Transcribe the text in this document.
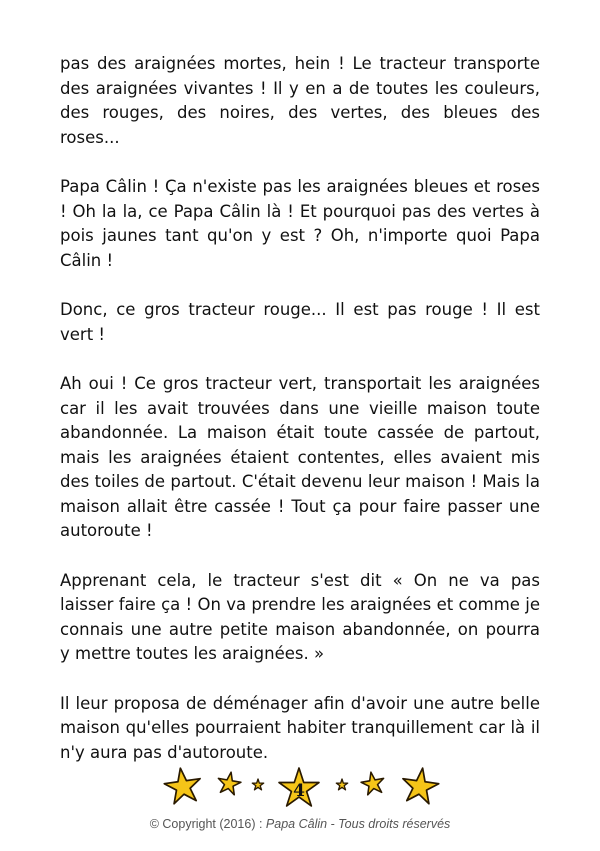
pas des araignées mortes, hein ! Le tracteur transporte des araignées vivantes ! Il y en a de toutes les couleurs, des rouges, des noires, des vertes, des bleues des roses...

Papa Câlin ! Ça n'existe pas les araignées bleues et roses ! Oh la la, ce Papa Câlin là ! Et pourquoi pas des vertes à pois jaunes tant qu'on y est ? Oh, n'importe quoi Papa Câlin !

Donc, ce gros tracteur rouge... Il est pas rouge ! Il est vert !

Ah oui ! Ce gros tracteur vert, transportait les araignées car il les avait trouvées dans une vieille maison toute abandonnée. La maison était toute cassée de partout, mais les araignées étaient contentes, elles avaient mis des toiles de partout. C'était devenu leur maison ! Mais la maison allait être cassée ! Tout ça pour faire passer une autoroute !

Apprenant cela, le tracteur s'est dit « On ne va pas laisser faire ça ! On va prendre les araignées et comme je connais une autre petite maison abandonnée, on pourra y mettre toutes les araignées. »

Il leur proposa de déménager afin d'avoir une autre belle maison qu'elles pourraient habiter tranquillement car là il n'y aura pas d'autoroute.

4
© Copyright (2016) : Papa Câlin - Tous droits réservés
